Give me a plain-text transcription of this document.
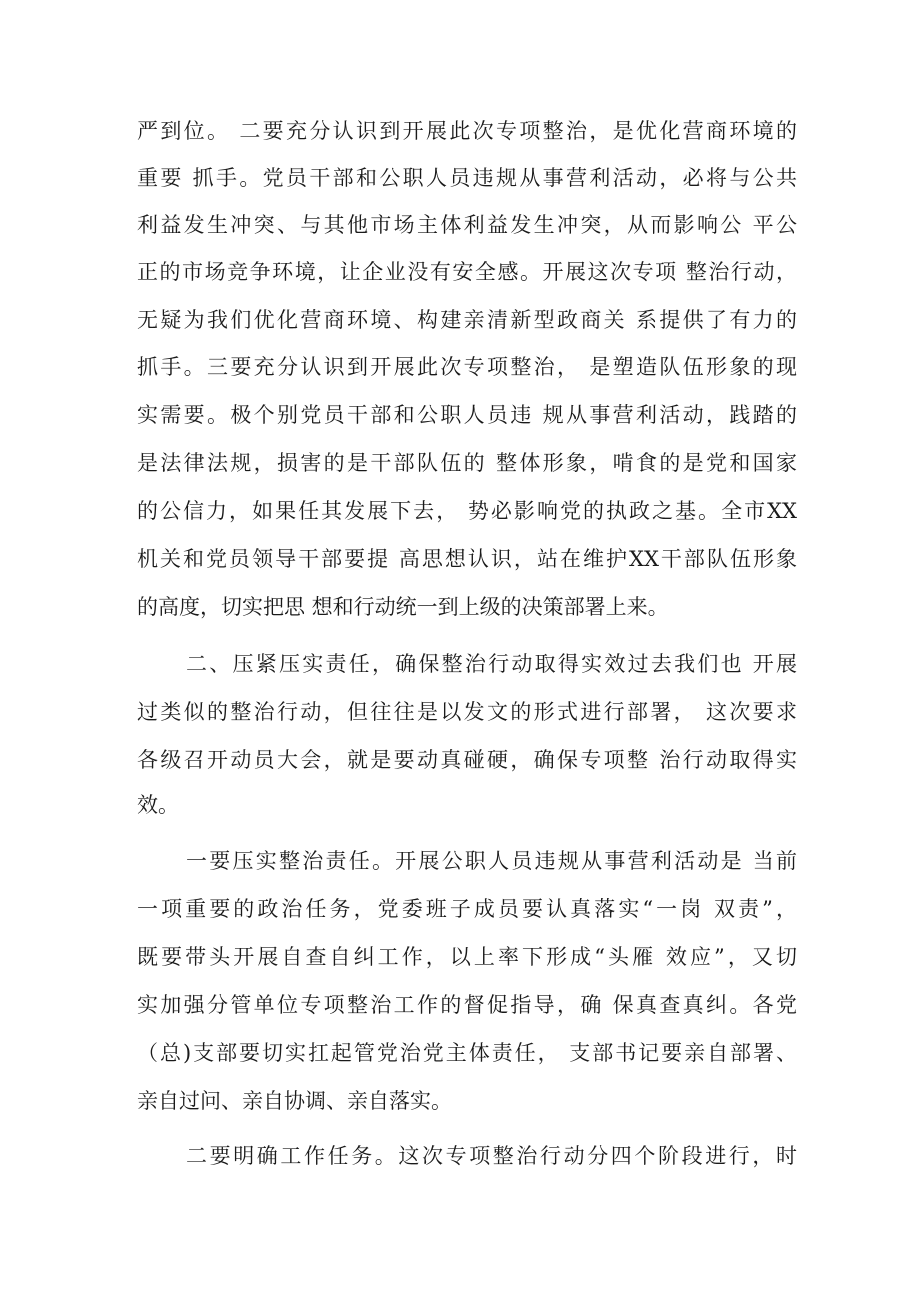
严到位。 二要充分认识到开展此次专项整治，是优化营商环境的
重要 抓手。党员干部和公职人员违规从事营利活动，必将与公共
利益发生冲突、与其他市场主体利益发生冲突，从而影响公 平公
正的市场竞争环境，让企业没有安全感。开展这次专项 整治行动，
无疑为我们优化营商环境、构建亲清新型政商关 系提供了有力的
抓手。三要充分认识到开展此次专项整治， 是塑造队伍形象的现
实需要。极个别党员干部和公职人员违 规从事营利活动，践踏的
是法律法规，损害的是干部队伍的 整体形象，啃食的是党和国家
的公信力，如果任其发展下去， 势必影响党的执政之基。全市XX
机关和党员领导干部要提 高思想认识，站在维护XX干部队伍形象
的高度，切实把思 想和行动统一到上级的决策部署上来。
二、压紧压实责任，确保整治行动取得实效过去我们也 开展
过类似的整治行动，但往往是以发文的形式进行部署， 这次要求
各级召开动员大会，就是要动真碰硬，确保专项整 治行动取得实
效。
一要压实整治责任。开展公职人员违规从事营利活动是 当前
一项重要的政治任务，党委班子成员要认真落实“一岗 双责”，
既要带头开展自查自纠工作，以上率下形成“头雁 效应”，又切
实加强分管单位专项整治工作的督促指导，确 保真查真纠。各党
（总)支部要切实扛起管党治党主体责任， 支部书记要亲自部署、
亲自过问、亲自协调、亲自落实。
二要明确工作任务。这次专项整治行动分四个阶段进行，时
